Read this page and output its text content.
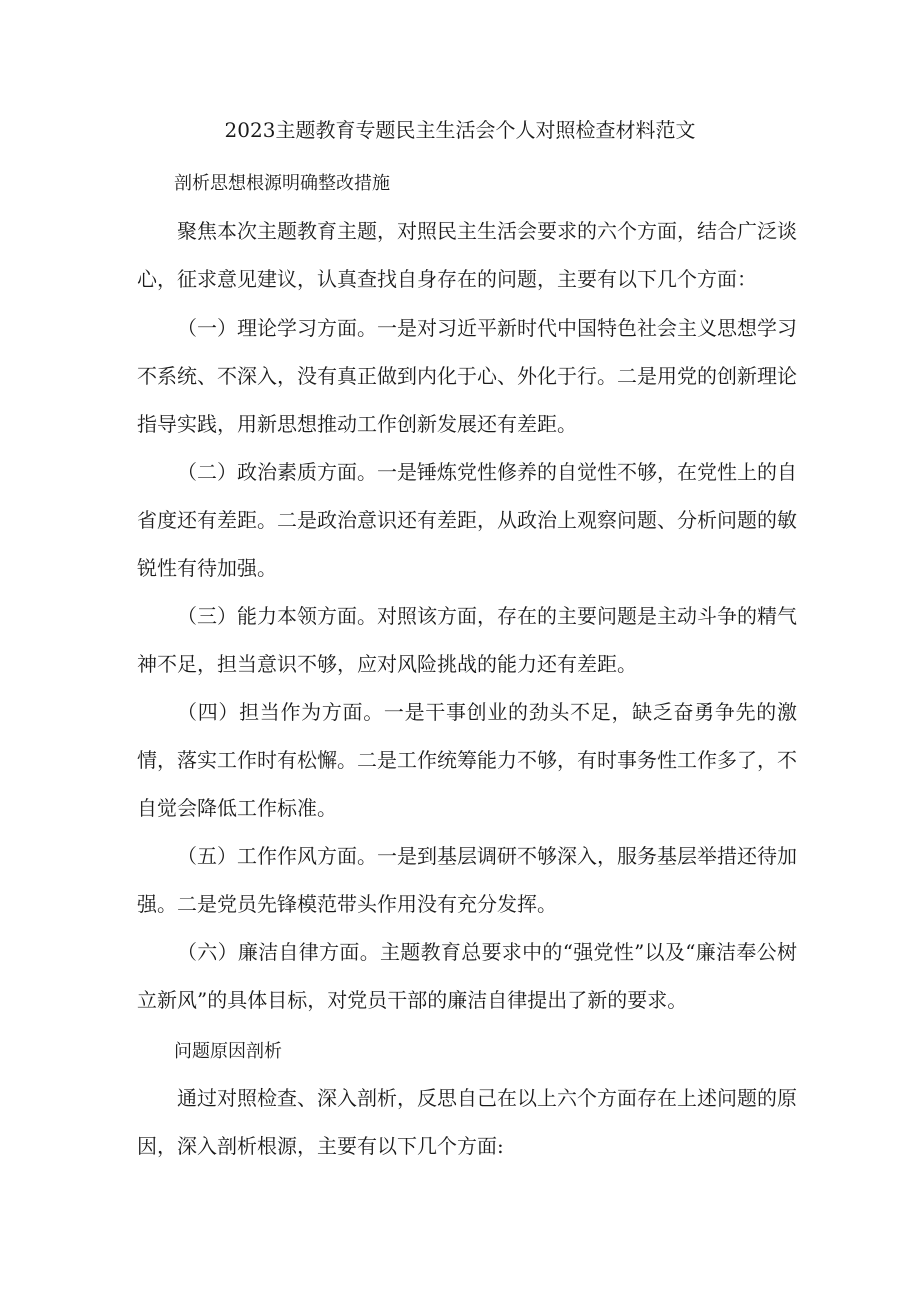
2023主题教育专题民主生活会个人对照检查材料范文

剖析思想根源明确整改措施

聚焦本次主题教育主题，对照民主生活会要求的六个方面，结合广泛谈心，征求意见建议，认真查找自身存在的问题，主要有以下几个方面：

（一）理论学习方面。一是对习近平新时代中国特色社会主义思想学习不系统、不深入，没有真正做到内化于心、外化于行。二是用党的创新理论指导实践，用新思想推动工作创新发展还有差距。

（二）政治素质方面。一是锤炼党性修养的自觉性不够，在党性上的自省度还有差距。二是政治意识还有差距，从政治上观察问题、分析问题的敏锐性有待加强。

（三）能力本领方面。对照该方面，存在的主要问题是主动斗争的精气神不足，担当意识不够，应对风险挑战的能力还有差距。

（四）担当作为方面。一是干事创业的劲头不足，缺乏奋勇争先的激情，落实工作时有松懈。二是工作统筹能力不够，有时事务性工作多了，不自觉会降低工作标准。

（五）工作作风方面。一是到基层调研不够深入，服务基层举措还待加强。二是党员先锋模范带头作用没有充分发挥。

（六）廉洁自律方面。主题教育总要求中的“强党性”以及“廉洁奉公树立新风”的具体目标，对党员干部的廉洁自律提出了新的要求。

问题原因剖析

通过对照检查、深入剖析，反思自己在以上六个方面存在上述问题的原因，深入剖析根源，主要有以下几个方面:
